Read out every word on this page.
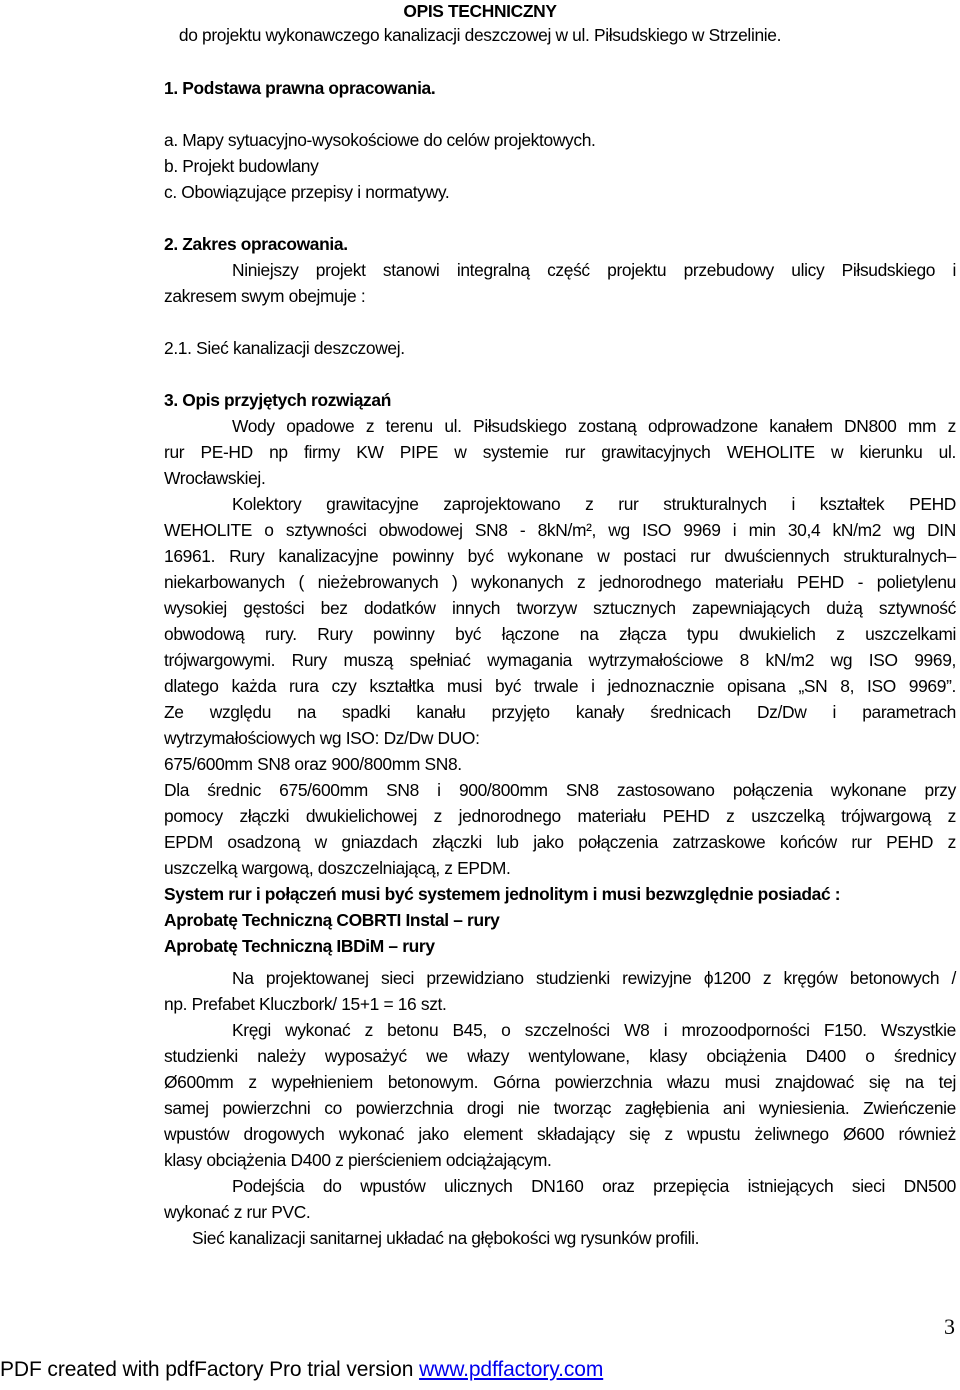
OPIS TECHNICZNY
do projektu wykonawczego kanalizacji deszczowej w ul. Piłsudskiego w Strzelinie.
1. Podstawa prawna opracowania.
a. Mapy sytuacyjno-wysokościowe do celów projektowych.
b. Projekt budowlany
c. Obowiązujące przepisy i normatywy.
2. Zakres opracowania.
Niniejszy projekt stanowi integralną część projektu przebudowy ulicy Piłsudskiego i
zakresem swym obejmuje :
2.1. Sieć kanalizacji deszczowej.
3. Opis przyjętych rozwiązań
Wody opadowe z terenu ul. Piłsudskiego zostaną odprowadzone kanałem DN800 mm z
rur PE-HD np firmy KW PIPE w systemie rur grawitacyjnych WEHOLITE w kierunku ul.
Wrocławskiej.
Kolektory grawitacyjne zaprojektowano z rur strukturalnych i kształtek PEHD
WEHOLITE o sztywności obwodowej SN8 - 8kN/m², wg ISO 9969 i min 30,4 kN/m2 wg DIN
16961. Rury kanalizacyjne powinny być wykonane w postaci rur dwuściennych strukturalnych–
niekarbowanych ( nieżebrowanych ) wykonanych z jednorodnego materiału PEHD - polietylenu
wysokiej gęstości bez dodatków innych tworzyw sztucznych zapewniających dużą sztywność
obwodową rury. Rury powinny być łączone na złącza typu dwukielich z uszczelkami
trójwargowymi. Rury muszą spełniać wymagania wytrzymałościowe 8 kN/m2 wg ISO 9969,
dlatego każda rura czy kształtka musi być trwale i jednoznacznie opisana „SN 8, ISO 9969”.
Ze względu na spadki kanału przyjęto kanały średnicach Dz/Dw i parametrach
wytrzymałościowych wg ISO: Dz/Dw DUO:
675/600mm SN8 oraz 900/800mm SN8.
Dla średnic 675/600mm SN8 i 900/800mm SN8 zastosowano połączenia wykonane przy
pomocy złączki dwukielichowej z jednorodnego materiału PEHD z uszczelką trójwargową z
EPDM osadzoną w gniazdach złączki lub jako połączenia zatrzaskowe końców rur PEHD z
uszczelką wargową, doszczelniającą, z EPDM.
System rur i połączeń musi być systemem jednolitym i musi bezwzględnie posiadać :
Aprobatę Techniczną COBRTI Instal – rury
Aprobatę Techniczną IBDiM – rury
Na projektowanej sieci przewidziano studzienki rewizyjne ϕ1200 z kręgów betonowych /
np. Prefabet Kluczbork/ 15+1 = 16 szt.
Kręgi wykonać z betonu B45, o szczelności W8 i mrozoodporności F150. Wszystkie
studzienki należy wyposażyć we włazy wentylowane, klasy obciążenia D400 o średnicy
Ø600mm z wypełnieniem betonowym. Górna powierzchnia włazu musi znajdować się na tej
samej powierzchni co powierzchnia drogi nie tworząc zagłębienia ani wyniesienia. Zwieńczenie
wpustów drogowych wykonać jako element składający się z wpustu żeliwnego Ø600 również
klasy obciążenia D400 z pierścieniem odciążającym.
Podejścia do wpustów ulicznych DN160 oraz przepięcia istniejących sieci DN500
wykonać z rur PVC.
Sieć kanalizacji sanitarnej układać na głębokości wg rysunków profili.
3
PDF created with pdfFactory Pro trial version www.pdffactory.com
